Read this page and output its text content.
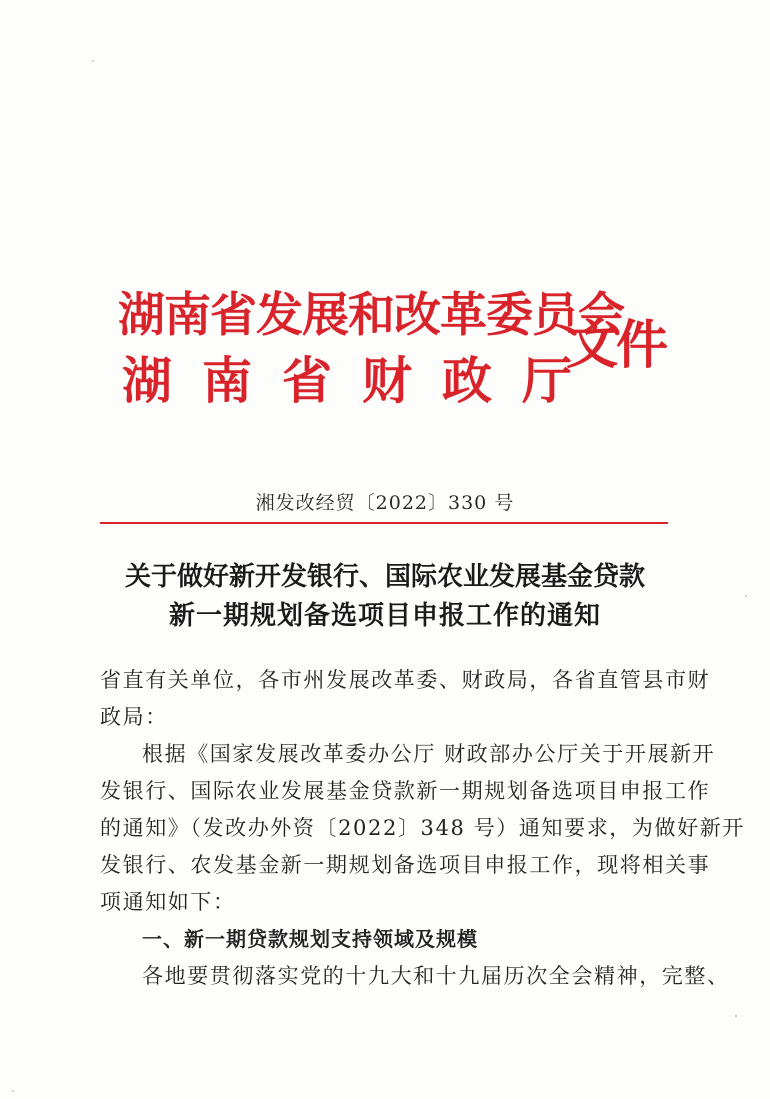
湖南省发展和改革委员会
湖南省财政厅
文件
湘发改经贸〔2022〕330 号
关于做好新开发银行、国际农业发展基金贷款
新一期规划备选项目申报工作的通知
省直有关单位，各市州发展改革委、财政局，各省直管县市财
政局：
根据《国家发展改革委办公厅 财政部办公厅关于开展新开
发银行、国际农业发展基金贷款新一期规划备选项目申报工作
的通知》（发改办外资〔2022〕348 号）通知要求，为做好新开
发银行、农发基金新一期规划备选项目申报工作，现将相关事
项通知如下：
一、新一期贷款规划支持领域及规模
各地要贯彻落实党的十九大和十九届历次全会精神，完整、
